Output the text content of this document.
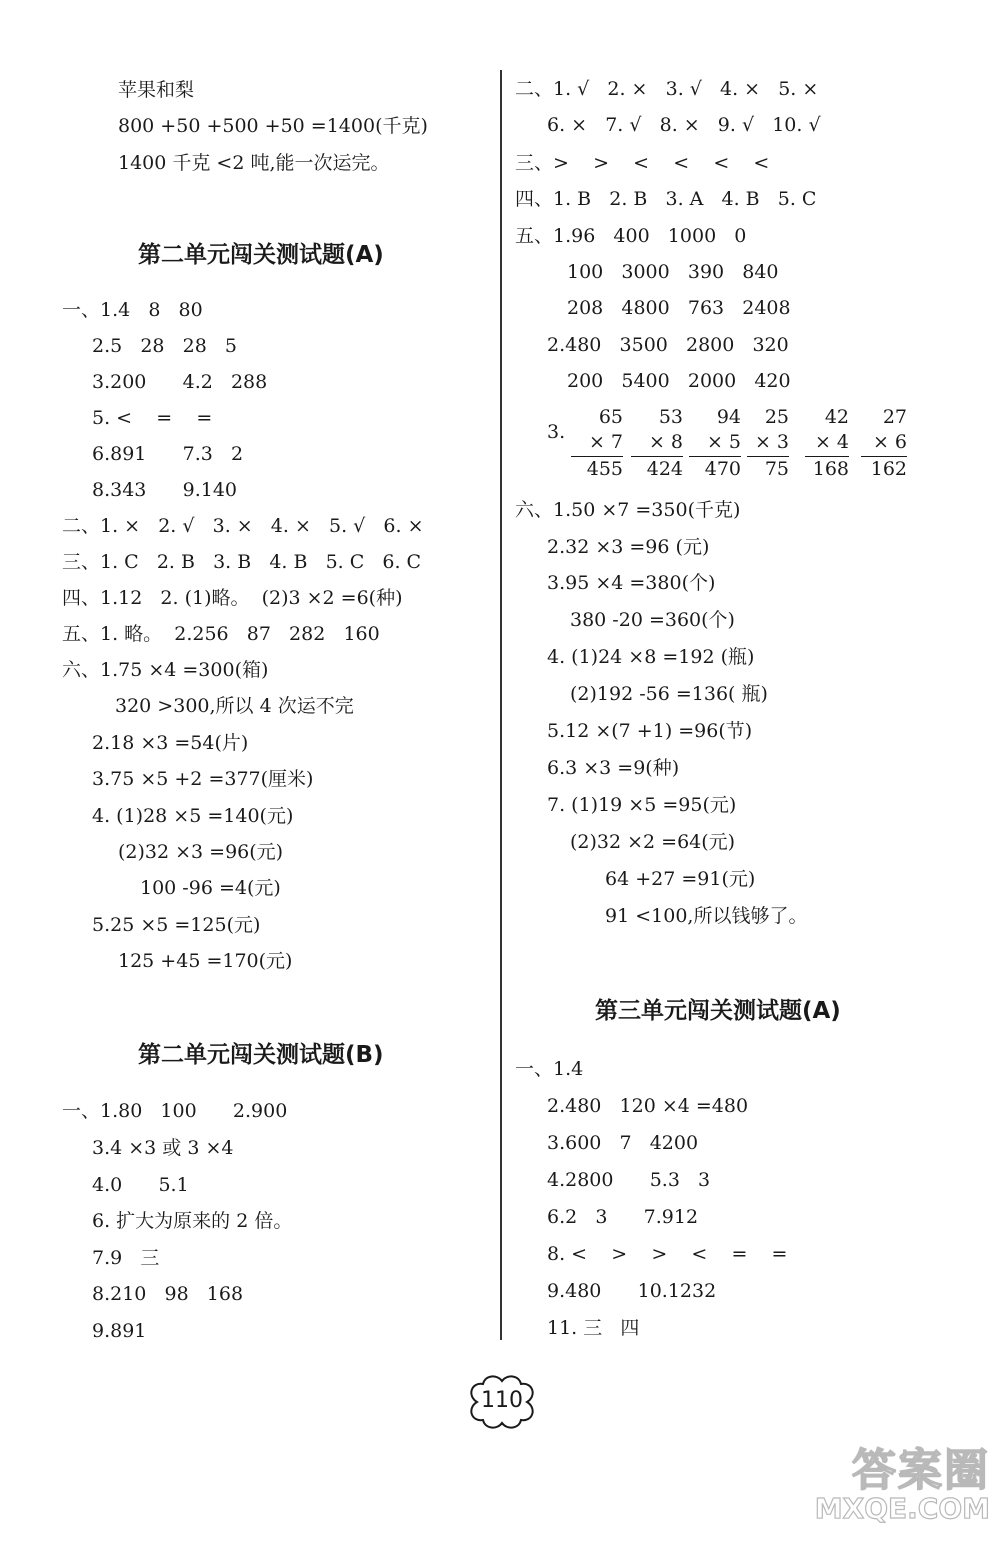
苹果和梨
800 +50 +500 +50 =1400(千克)
1400 千克 <2 吨,能一次运完。
第二单元闯关测试题(A)
一、1.4   8   80
2.5   28   28   5
3.200      4.2   288
5. <    =    =
6.891      7.3   2
8.343      9.140
二、1. ×   2. √   3. ×   4. ×   5. √   6. ×
三、1. C   2. B   3. B   4. B   5. C   6. C
四、1.12   2. (1)略。  (2)3 ×2 =6(种)
五、1. 略。  2.256   87   282   160
六、1.75 ×4 =300(箱)
320 >300,所以 4 次运不完
2.18 ×3 =54(片)
3.75 ×5 +2 =377(厘米)
4. (1)28 ×5 =140(元)
(2)32 ×3 =96(元)
100 -96 =4(元)
5.25 ×5 =125(元)
125 +45 =170(元)
第二单元闯关测试题(B)
一、1.80   100      2.900
3.4 ×3 或 3 ×4
4.0      5.1
6. 扩大为原来的 2 倍。
7.9   三
8.210   98   168
9.891
二、1. √   2. ×   3. √   4. ×   5. ×
6. ×   7. √   8. ×   9. √   10. √
三、>    >    <    <    <    <
四、1. B   2. B   3. A   4. B   5. C
五、1.96   400   1000   0
100   3000   390   840
208   4800   763   2408
2.480   3500   2800   320
200   5400   2000   420
3.
65
× 7
455
53
× 8
424
94
× 5
470
25
× 3
75
42
× 4
168
27
× 6
162
六、1.50 ×7 =350(千克)
2.32 ×3 =96 (元)
3.95 ×4 =380(个)
380 -20 =360(个)
4. (1)24 ×8 =192 (瓶)
(2)192 -56 =136( 瓶)
5.12 ×(7 +1) =96(节)
6.3 ×3 =9(种)
7. (1)19 ×5 =95(元)
(2)32 ×2 =64(元)
64 +27 =91(元)
91 <100,所以钱够了。
第三单元闯关测试题(A)
一、1.4
2.480   120 ×4 =480
3.600   7   4200
4.2800      5.3   3
6.2   3      7.912
8. <    >    >    <    =    =
9.480      10.1232
11. 三   四
110
答案圈
MXQE.COM
